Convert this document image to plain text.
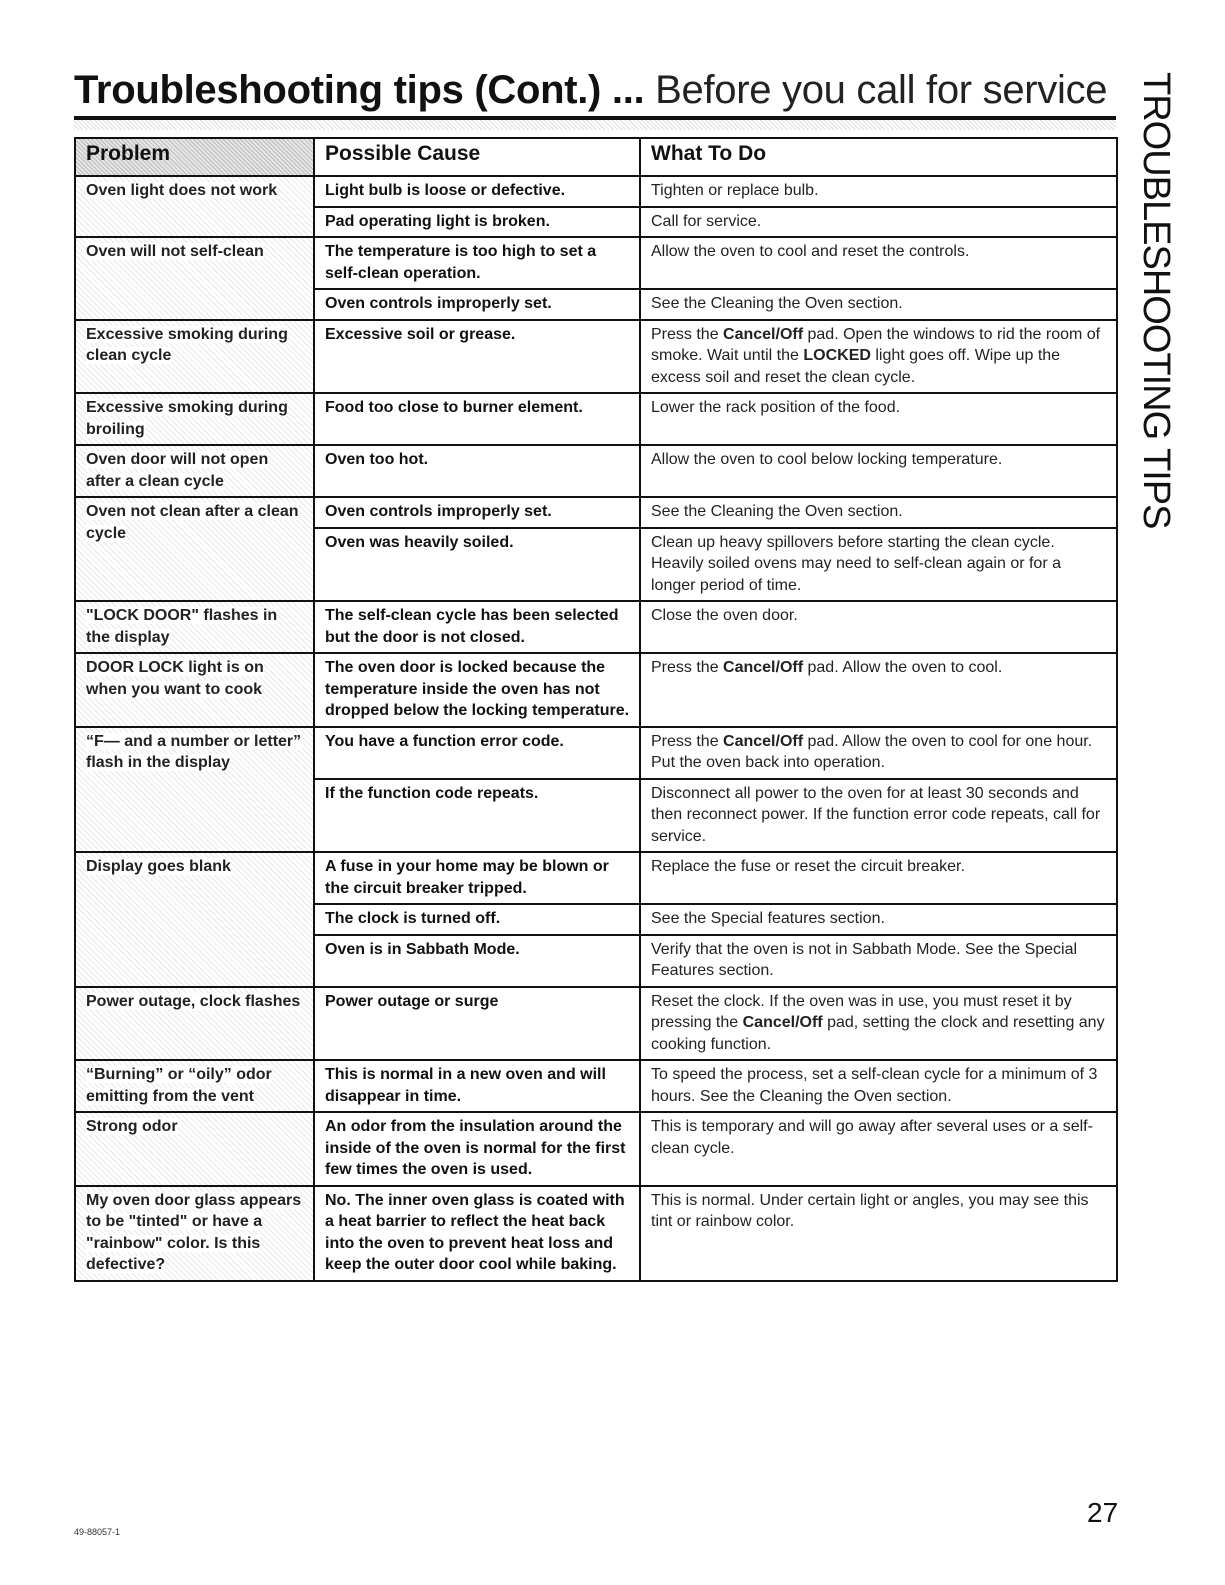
Troubleshooting tips (Cont.) ... Before you call for service TROUBLESHOOTING TIPS
Problem	Possible Cause	What To Do
Oven light does not work	Light bulb is loose or defective.	Tighten or replace bulb.
	Pad operating light is broken.	Call for service.
Oven will not self-clean	The temperature is too high to set a self-clean operation.	Allow the oven to cool and reset the controls.
	Oven controls improperly set.	See the Cleaning the Oven section.
Excessive smoking during clean cycle	Excessive soil or grease.	Press the Cancel/Off pad. Open the windows to rid the room of smoke. Wait until the LOCKED light goes off. Wipe up the excess soil and reset the clean cycle.
Excessive smoking during broiling	Food too close to burner element.	Lower the rack position of the food.
Oven door will not open after a clean cycle	Oven too hot.	Allow the oven to cool below locking temperature.
Oven not clean after a clean cycle	Oven controls improperly set.	See the Cleaning the Oven section.
	Oven was heavily soiled.	Clean up heavy spillovers before starting the clean cycle. Heavily soiled ovens may need to self-clean again or for a longer period of time.
"LOCK DOOR" flashes in the display	The self-clean cycle has been selected but the door is not closed.	Close the oven door.
DOOR LOCK light is on when you want to cook	The oven door is locked because the temperature inside the oven has not dropped below the locking temperature.	Press the Cancel/Off pad. Allow the oven to cool.
“F— and a number or letter” flash in the display	You have a function error code.	Press the Cancel/Off pad. Allow the oven to cool for one hour. Put the oven back into operation.
	If the function code repeats.	Disconnect all power to the oven for at least 30 seconds and then reconnect power. If the function error code repeats, call for service.
Display goes blank	A fuse in your home may be blown or the circuit breaker tripped.	Replace the fuse or reset the circuit breaker.
	The clock is turned off.	See the Special features section.
	Oven is in Sabbath Mode.	Verify that the oven is not in Sabbath Mode. See the Special Features section.
Power outage, clock flashes	Power outage or surge	Reset the clock. If the oven was in use, you must reset it by pressing the Cancel/Off pad, setting the clock and resetting any cooking function.
“Burning” or “oily” odor emitting from the vent	This is normal in a new oven and will disappear in time.	To speed the process, set a self-clean cycle for a minimum of 3 hours. See the Cleaning the Oven section.
Strong odor	An odor from the insulation around the inside of the oven is normal for the first few times the oven is used.	This is temporary and will go away after several uses or a self-clean cycle.
My oven door glass appears to be "tinted" or have a "rainbow" color. Is this defective?	No. The inner oven glass is coated with a heat barrier to reflect the heat back into the oven to prevent heat loss and keep the outer door cool while baking.	This is normal. Under certain light or angles, you may see this tint or rainbow color.
49-88057-1
27
